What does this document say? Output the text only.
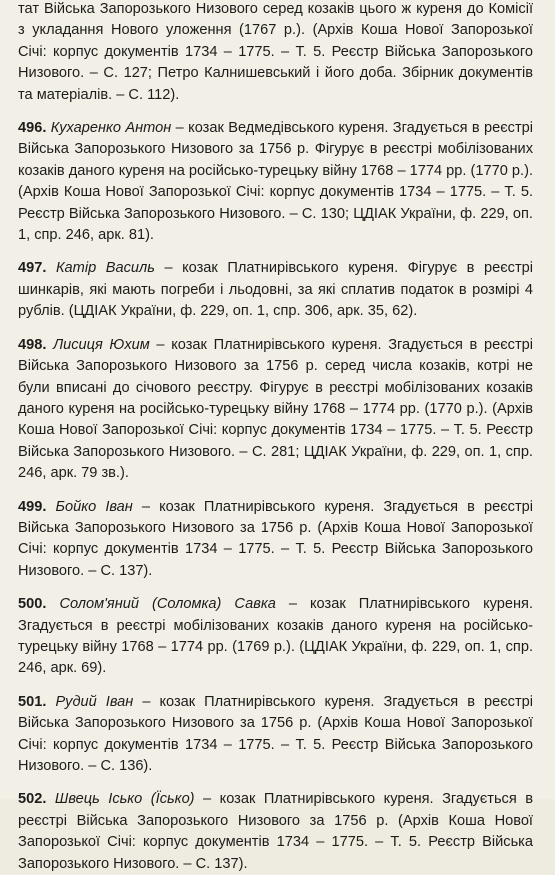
тат Війська Запорозького Низового серед козаків цього ж куреня до Комісії з укладання Нового уложення (1767 р.). (Архів Коша Нової Запорозької Січі: корпус документів 1734 – 1775. – Т. 5. Реєстр Війська Запорозького Низового. – С. 127; Петро Калнишевський і його доба. Збірник документів та матеріалів. – С. 112).

496. Кухаренко Антон – козак Ведмедівського куреня. Згадується в реєстрі Війська Запорозького Низового за 1756 р. Фігурує в реєстрі мобілізованих козаків даного куреня на російсько-турецьку війну 1768 – 1774 рр. (1770 р.). (Архів Коша Нової Запорозької Січі: корпус документів 1734 – 1775. – Т. 5. Реєстр Війська Запорозького Низового. – С. 130; ЦДІАК України, ф. 229, оп. 1, спр. 246, арк. 81).

497. Катір Василь – козак Платнирівського куреня. Фігурує в реєстрі шинкарів, які мають погреби і льодовні, за які сплатив податок в розмірі 4 рублів. (ЦДІАК України, ф. 229, оп. 1, спр. 306, арк. 35, 62).

498. Лисиця Юхим – козак Платнирівського куреня. Згадується в реєстрі Війська Запорозького Низового за 1756 р. серед числа козаків, котрі не були вписані до січового реєстру. Фігурує в реєстрі мобілізованих козаків даного куреня на російсько-турецьку війну 1768 – 1774 рр. (1770 р.). (Архів Коша Нової Запорозької Січі: корпус документів 1734 – 1775. – Т. 5. Реєстр Війська Запорозького Низового. – С. 281; ЦДІАК України, ф. 229, оп. 1, спр. 246, арк. 79 зв.).

499. Бойко Іван – козак Платнирівського куреня. Згадується в реєстрі Війська Запорозького Низового за 1756 р. (Архів Коша Нової Запорозької Січі: корпус документів 1734 – 1775. – Т. 5. Реєстр Війська Запорозького Низового. – С. 137).

500. Солом'яний (Соломка) Савка – козак Платнирівського куреня. Згадується в реєстрі мобілізованих козаків даного куреня на російсько-турецьку війну 1768 – 1774 рр. (1769 р.). (ЦДІАК України, ф. 229, оп. 1, спр. 246, арк. 69).

501. Рудий Іван – козак Платнирівського куреня. Згадується в реєстрі Війська Запорозького Низового за 1756 р. (Архів Коша Нової Запорозької Січі: корпус документів 1734 – 1775. – Т. 5. Реєстр Війська Запорозького Низового. – С. 136).

502. Швець Ісько (Їсько) – козак Платнирівського куреня. Згадується в реєстрі Війська Запорозького Низового за 1756 р. (Архів Коша Нової Запорозької Січі: корпус документів 1734 – 1775. – Т. 5. Реєстр Війська Запорозького Низового. – С. 137).
